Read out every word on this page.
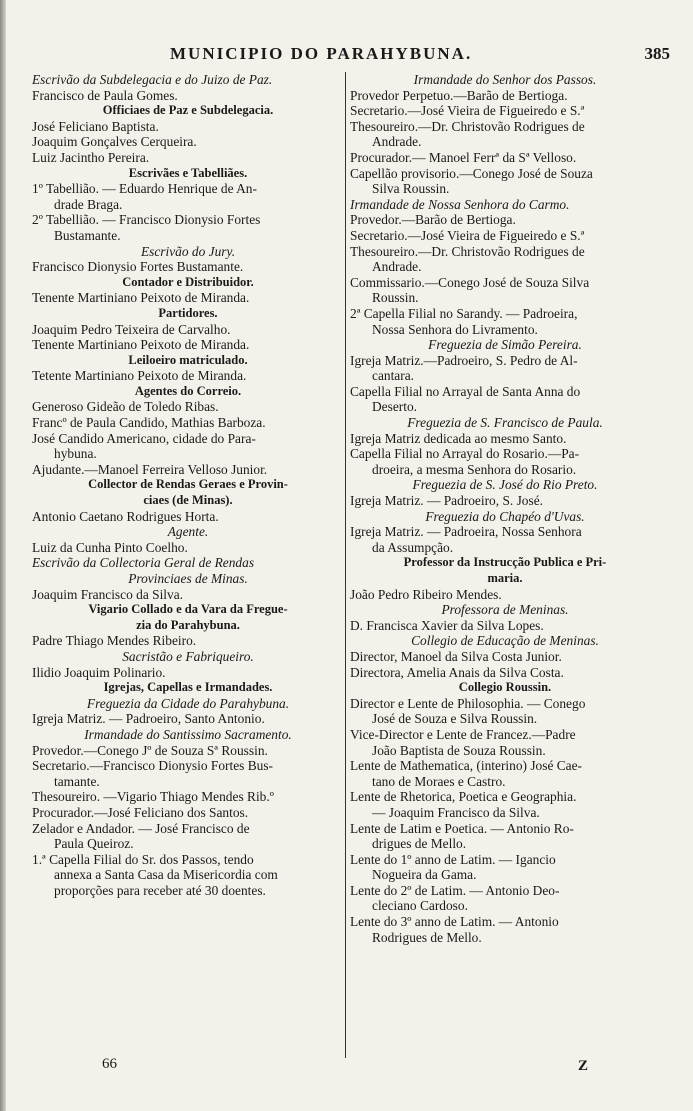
MUNICIPIO DO PARAHYBUNA.	385
Escrivão da Subdelegacia e do Juizo de Paz.
Francisco de Paula Gomes.
Officiaes de Paz e Subdelegacia.
José Feliciano Baptista.
Joaquim Gonçalves Cerqueira.
Luiz Jacintho Pereira.
Escrivães e Tabelliães.
1º Tabellião. — Eduardo Henrique de An-
drade Braga.
2º Tabellião. — Francisco Dionysio Fortes
Bustamante.
Escrivão do Jury.
Francisco Dionysio Fortes Bustamante.
Contador e Distribuidor.
Tenente Martiniano Peixoto de Miranda.
Partidores.
Joaquim Pedro Teixeira de Carvalho.
Tenente Martiniano Peixoto de Miranda.
Leiloeiro matriculado.
Tetente Martiniano Peixoto de Miranda.
Agentes do Correio.
Generoso Gideão de Toledo Ribas.
Francº de Paula Candido, Mathias Barboza.
José Candido Americano, cidade do Para-
hybuna.
Ajudante.—Manoel Ferreira Velloso Junior.
Collector de Rendas Geraes e Provin-
ciaes (de Minas).
Antonio Caetano Rodrigues Horta.
Agente.
Luiz da Cunha Pinto Coelho.
Escrivão da Collectoria Geral de Rendas
Provinciaes de Minas.
Joaquim Francisco da Silva.
Vigario Collado e da Vara da Fregue-
zia do Parahybuna.
Padre Thiago Mendes Ribeiro.
Sacristão e Fabriqueiro.
Ilidio Joaquim Polinario.
Igrejas, Capellas e Irmandades.
Freguezia da Cidade do Parahybuna.
Igreja Matriz. — Padroeiro, Santo Antonio.
Irmandade do Santissimo Sacramento.
Provedor.—Conego Jº de Souza Sª Roussin.
Secretario.—Francisco Dionysio Fortes Bus-
tamante.
Thesoureiro. —Vigario Thiago Mendes Rib.º
Procurador.—José Feliciano dos Santos.
Zelador e Andador. — José Francisco de
Paula Queiroz.
1.ª Capella Filial do Sr. dos Passos, tendo
annexa a Santa Casa da Misericordia com
proporções para receber até 30 doentes.
Irmandade do Senhor dos Passos.
Provedor Perpetuo.—Barão de Bertioga.
Secretario.—José Vieira de Figueiredo e S.ª
Thesoureiro.—Dr. Christovão Rodrigues de
Andrade.
Procurador.— Manoel Ferrª da Sª Velloso.
Capellão provisorio.—Conego José de Souza
Silva Roussin.
Irmandade de Nossa Senhora do Carmo.
Provedor.—Barão de Bertioga.
Secretario.—José Vieira de Figueiredo e S.ª
Thesoureiro.—Dr. Christovão Rodrigues de
Andrade.
Commissario.—Conego José de Souza Silva
Roussin.
2ª Capella Filial no Sarandy. — Padroeira,
Nossa Senhora do Livramento.
Freguezia de Simão Pereira.
Igreja Matriz.—Padroeiro, S. Pedro de Al-
cantara.
Capella Filial no Arrayal de Santa Anna do
Deserto.
Freguezia de S. Francisco de Paula.
Igreja Matriz dedicada ao mesmo Santo.
Capella Filial no Arrayal do Rosario.—Pa-
droeira, a mesma Senhora do Rosario.
Freguezia de S. José do Rio Preto.
Igreja Matriz. — Padroeiro, S. José.
Freguezia do Chapéo d'Uvas.
Igreja Matriz. — Padroeira, Nossa Senhora
da Assumpção.
Professor da Instrucção Publica e Pri-
maria.
João Pedro Ribeiro Mendes.
Professora de Meninas.
D. Francisca Xavier da Silva Lopes.
Collegio de Educação de Meninas.
Director, Manoel da Silva Costa Junior.
Directora, Amelia Anais da Silva Costa.
Collegio Roussin.
Director e Lente de Philosophia. — Conego
José de Souza e Silva Roussin.
Vice-Director e Lente de Francez.—Padre
João Baptista de Souza Roussin.
Lente de Mathematica, (interino) José Cae-
tano de Moraes e Castro.
Lente de Rhetorica, Poetica e Geographia.
— Joaquim Francisco da Silva.
Lente de Latim e Poetica. — Antonio Ro-
drigues de Mello.
Lente do 1º anno de Latim. — Igancio
Nogueira da Gama.
Lente do 2º de Latim. — Antonio Deo-
cleciano Cardoso.
Lente do 3º anno de Latim. — Antonio
Rodrigues de Mello.
66	Z
